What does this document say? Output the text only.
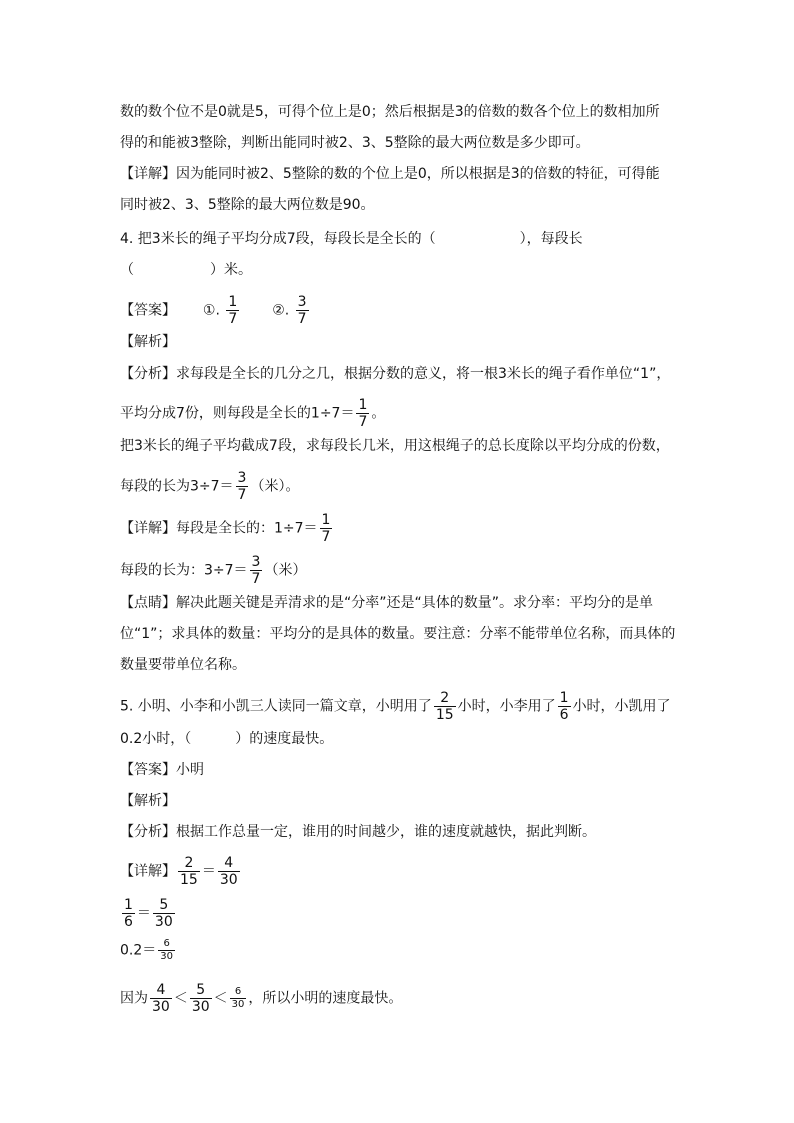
数的数个位不是0就是5，可得个位上是0；然后根据是3的倍数的数各个位上的数相加所
得的和能被3整除，判断出能同时被2、3、5整除的最大两位数是多少即可。
【详解】因为能同时被2、5整除的数的个位上是0，所以根据是3的倍数的特征，可得能
同时被2、3、5整除的最大两位数是90。
4. 把3米长的绳子平均分成7段，每段长是全长的（	），每段长
（	）米。
【答案】 ①. $\frac{1}{7}$ ②. $\frac{3}{7}$
【解析】
【分析】求每段是全长的几分之几，根据分数的意义，将一根3米长的绳子看作单位“1”，
平均分成7份，则每段是全长的$1\div 7= \frac{1}{7}$ 。
把3米长的绳子平均截成7段，求每段长几米，用这根绳子的总长度除以平均分成的份数，
每段的长为$3\div 7= \frac{3}{7}$ （米）。
【详解】每段是全长的：$1\div 7= \frac{1}{7}$
每段的长为：$3\div 7= \frac{3}{7}$ （米）
【点睛】解决此题关键是弄清求的是“分率”还是“具体的数量”。求分率：平均分的是单
位“1”；求具体的数量：平均分的是具体的数量。要注意：分率不能带单位名称，而具体的
数量要带单位名称。
5. 小明、小李和小凯三人读同一篇文章，小明用了 $\frac{2}{15}$ 小时，小李用了 $\frac{1}{6}$ 小时，小凯用了
0.2小时，（	）的速度最快。
【答案】小明
【解析】
【分析】根据工作总量一定，谁用的时间越少，谁的速度就越快，据此判断。
【详解】 $\frac{2}{15} = \frac{4}{30}$
$\frac{1}{6} = \frac{5}{30}$
$0.2= \frac{6}{30}$
因为 $\frac{4}{30} < \frac{5}{30} < \frac{6}{30}$ ，所以小明的速度最快。
